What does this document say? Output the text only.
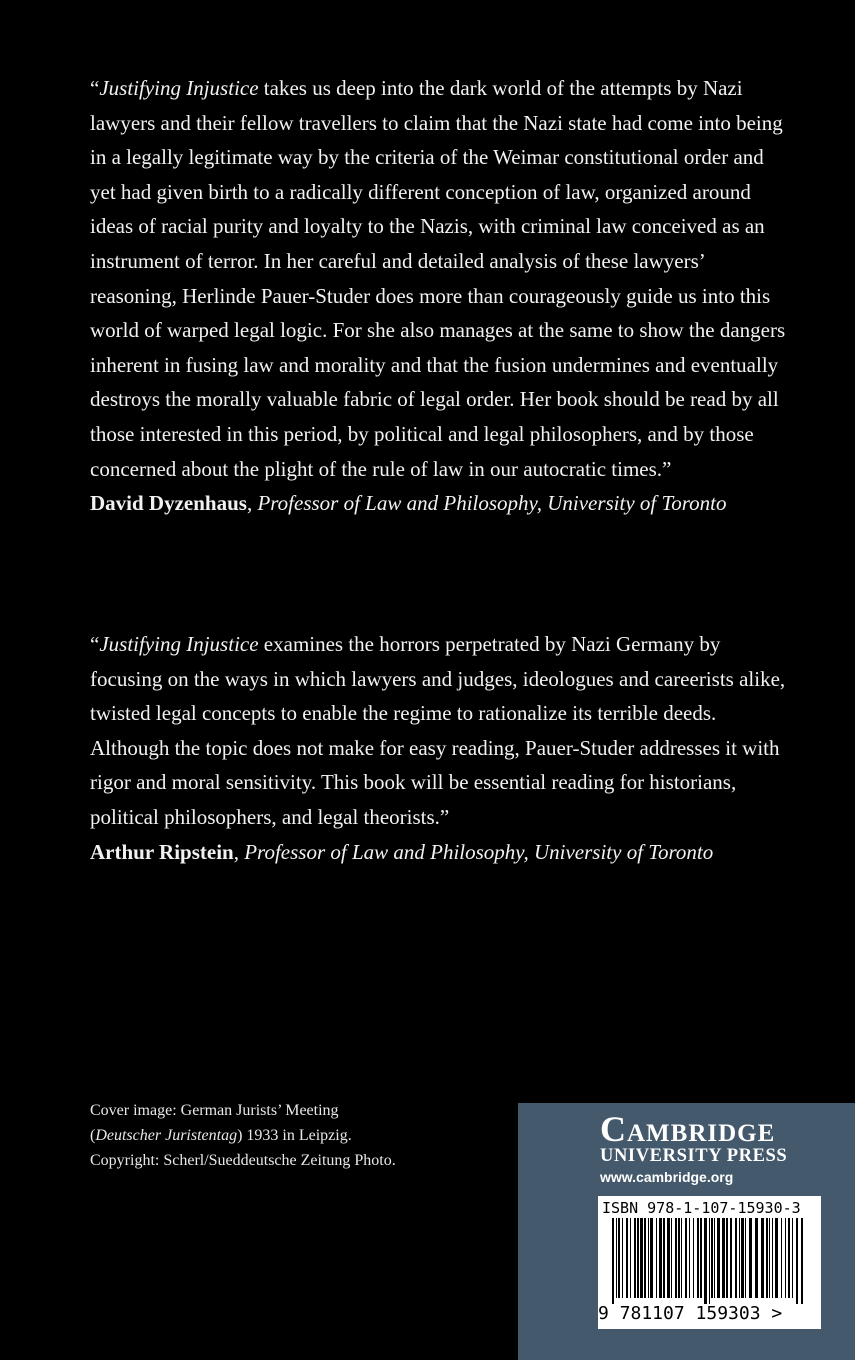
“Justifying Injustice takes us deep into the dark world of the attempts by Nazi lawyers and their fellow travellers to claim that the Nazi state had come into being in a legally legitimate way by the criteria of the Weimar constitutional order and yet had given birth to a radically different conception of law, organized around ideas of racial purity and loyalty to the Nazis, with criminal law conceived as an instrument of terror. In her careful and detailed analysis of these lawyers’ reasoning, Herlinde Pauer-Studer does more than courageously guide us into this world of warped legal logic. For she also manages at the same to show the dangers inherent in fusing law and morality and that the fusion undermines and eventually destroys the morally valuable fabric of legal order. Her book should be read by all those interested in this period, by political and legal philosophers, and by those concerned about the plight of the rule of law in our autocratic times.”

David Dyzenhaus, Professor of Law and Philosophy, University of Toronto

“Justifying Injustice examines the horrors perpetrated by Nazi Germany by focusing on the ways in which lawyers and judges, ideologues and careerists alike, twisted legal concepts to enable the regime to rationalize its terrible deeds. Although the topic does not make for easy reading, Pauer-Studer addresses it with rigor and moral sensitivity. This book will be essential reading for historians, political philosophers, and legal theorists.”

Arthur Ripstein, Professor of Law and Philosophy, University of Toronto

Cover image: German Jurists’ Meeting
(Deutscher Juristentag) 1933 in Leipzig.
Copyright: Scherl/Sueddeutsche Zeitung Photo.
Cambridge
UNIVERSITY PRESS
www.cambridge.org
ISBN 978-1-107-15930-3
9 781107 159303 >
